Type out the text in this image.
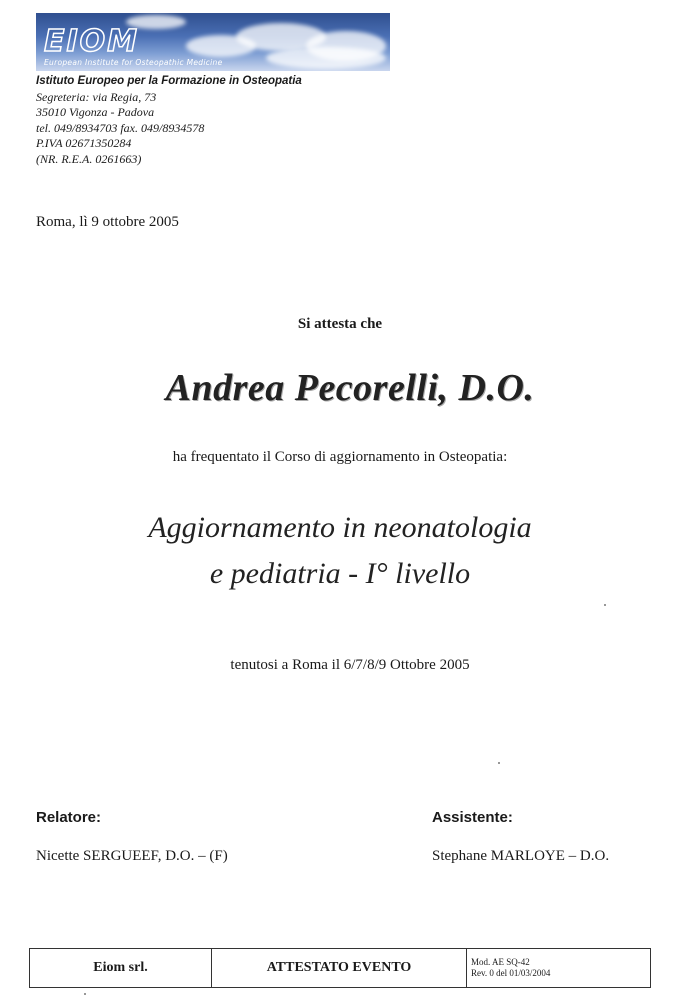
EIOM
European Institute for Osteopathic Medicine
Istituto Europeo per la Formazione in Osteopatia
Segreteria: via Regia, 73
35010 Vigonza - Padova
tel. 049/8934703 fax. 049/8934578
P.IVA 02671350284
(NR. R.E.A. 0261663)
Roma, lì 9 ottobre 2005
Si attesta che
Andrea Pecorelli, D.O.
ha frequentato il Corso di aggiornamento in Osteopatia:
Aggiornamento in neonatologia
e pediatria - I° livello
tenutosi a Roma il 6/7/8/9 Ottobre 2005
Relatore:
Nicette SERGUEEF, D.O. – (F)
Assistente:
Stephane MARLOYE – D.O.
Eiom srl.	ATTESTATO EVENTO	Mod. AE SQ-42
Rev. 0 del 01/03/2004
